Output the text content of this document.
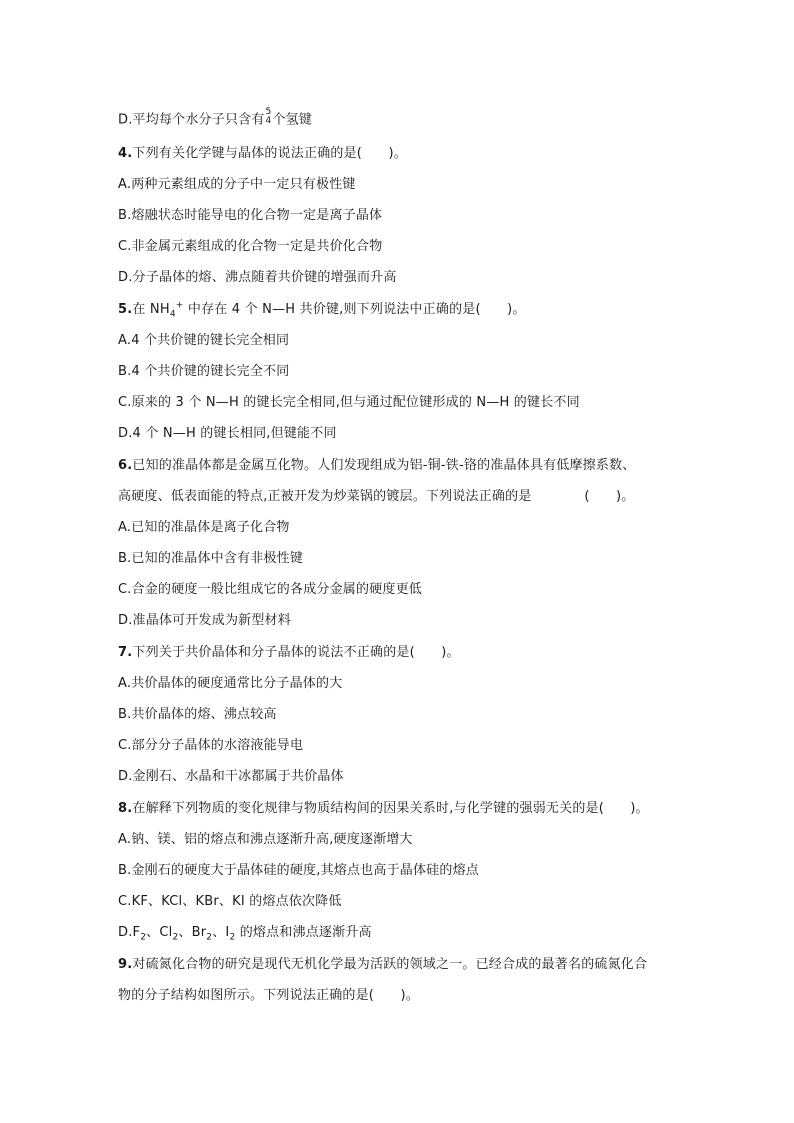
D.平均每个水分子只含有
5
4 个氢键
4.下列有关化学键与晶体的说法正确的是(　　)。
A.两种元素组成的分子中一定只有极性键
B.熔融状态时能导电的化合物一定是离子晶体
C.非金属元素组成的化合物一定是共价化合物
D.分子晶体的熔、沸点随着共价键的增强而升高
5.在 $NH_4^+$ 中存在 4 个 N—H 共价键,则下列说法中正确的是(　　)。
A.4 个共价键的键长完全相同
B.4 个共价键的键长完全不同
C.原来的 3 个 N—H 的键长完全相同,但与通过配位键形成的 N—H 的键长不同
D.4 个 N—H 的键长相同,但键能不同
6.已知的准晶体都是金属互化物。人们发现组成为铝-铜-铁-铬的准晶体具有低摩擦系数、
高硬度、低表面能的特点,正被开发为炒菜锅的镀层。下列说法正确的是　　　　(　　)。
A.已知的准晶体是离子化合物
B.已知的准晶体中含有非极性键
C.合金的硬度一般比组成它的各成分金属的硬度更低
D.准晶体可开发成为新型材料
7.下列关于共价晶体和分子晶体的说法不正确的是(　　)。
A.共价晶体的硬度通常比分子晶体的大
B.共价晶体的熔、沸点较高
C.部分分子晶体的水溶液能导电
D.金刚石、水晶和干冰都属于共价晶体
8.在解释下列物质的变化规律与物质结构间的因果关系时,与化学键的强弱无关的是(　　)。
A.钠、镁、铝的熔点和沸点逐渐升高,硬度逐渐增大
B.金刚石的硬度大于晶体硅的硬度,其熔点也高于晶体硅的熔点
C.KF、KCl、KBr、KI 的熔点依次降低
$D.F_2$、$Cl_2$、$Br_2$、$I_2$ 的熔点和沸点逐渐升高
9.对硫氮化合物的研究是现代无机化学最为活跃的领域之一。已经合成的最著名的硫氮化合
物的分子结构如图所示。下列说法正确的是(　　)。
